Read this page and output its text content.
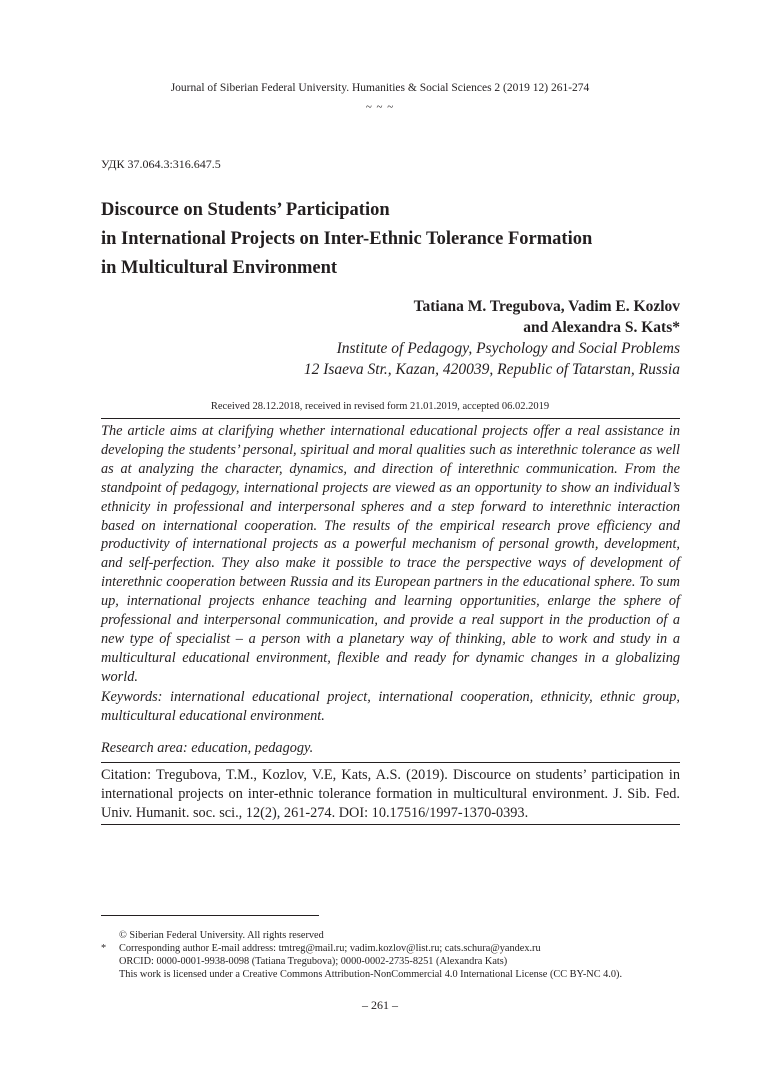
Journal of Siberian Federal University. Humanities & Social Sciences 2 (2019 12) 261-274
~ ~ ~
УДК 37.064.3:316.647.5
Discource on Students’ Participation
in International Projects on Inter-Ethnic Tolerance Formation
in Multicultural Environment
Tatiana M. Tregubova, Vadim E. Kozlov
and Alexandra S. Kats*
Institute of Pedagogy, Psychology and Social Problems
12 Isaeva Str., Kazan, 420039, Republic of Tatarstan, Russia
Received 28.12.2018, received in revised form 21.01.2019, accepted 06.02.2019
The article aims at clarifying whether international educational projects offer a real assistance in developing the students’ personal, spiritual and moral qualities such as interethnic tolerance as well as at analyzing the character, dynamics, and direction of interethnic communication. From the standpoint of pedagogy, international projects are viewed as an opportunity to show an individual’s ethnicity in professional and interpersonal spheres and a step forward to interethnic interaction based on international cooperation. The results of the empirical research prove efficiency and productivity of international projects as a powerful mechanism of personal growth, development, and self-perfection. They also make it possible to trace the perspective ways of development of interethnic cooperation between Russia and its European partners in the educational sphere. To sum up, international projects enhance teaching and learning opportunities, enlarge the sphere of professional and interpersonal communication, and provide a real support in the production of a new type of specialist – a person with a planetary way of thinking, able to work and study in a multicultural educational environment, flexible and ready for dynamic changes in a globalizing world.
Keywords: international educational project, international cooperation, ethnicity, ethnic group, multicultural educational environment.
Research area: education, pedagogy.
Citation: Tregubova, T.M., Kozlov, V.E, Kats, A.S. (2019). Discource on students’ participation in international projects on inter-ethnic tolerance formation in multicultural environment. J. Sib. Fed. Univ. Humanit. soc. sci., 12(2), 261-274. DOI: 10.17516/1997-1370-0393.
© Siberian Federal University. All rights reserved
* Corresponding author E-mail address: tmtreg@mail.ru; vadim.kozlov@list.ru; cats.schura@yandex.ru
ORCID: 0000-0001-9938-0098 (Tatiana Tregubova); 0000-0002-2735-8251 (Alexandra Kats)
This work is licensed under a Creative Commons Attribution-NonCommercial 4.0 International License (CC BY-NC 4.0).
– 261 –
